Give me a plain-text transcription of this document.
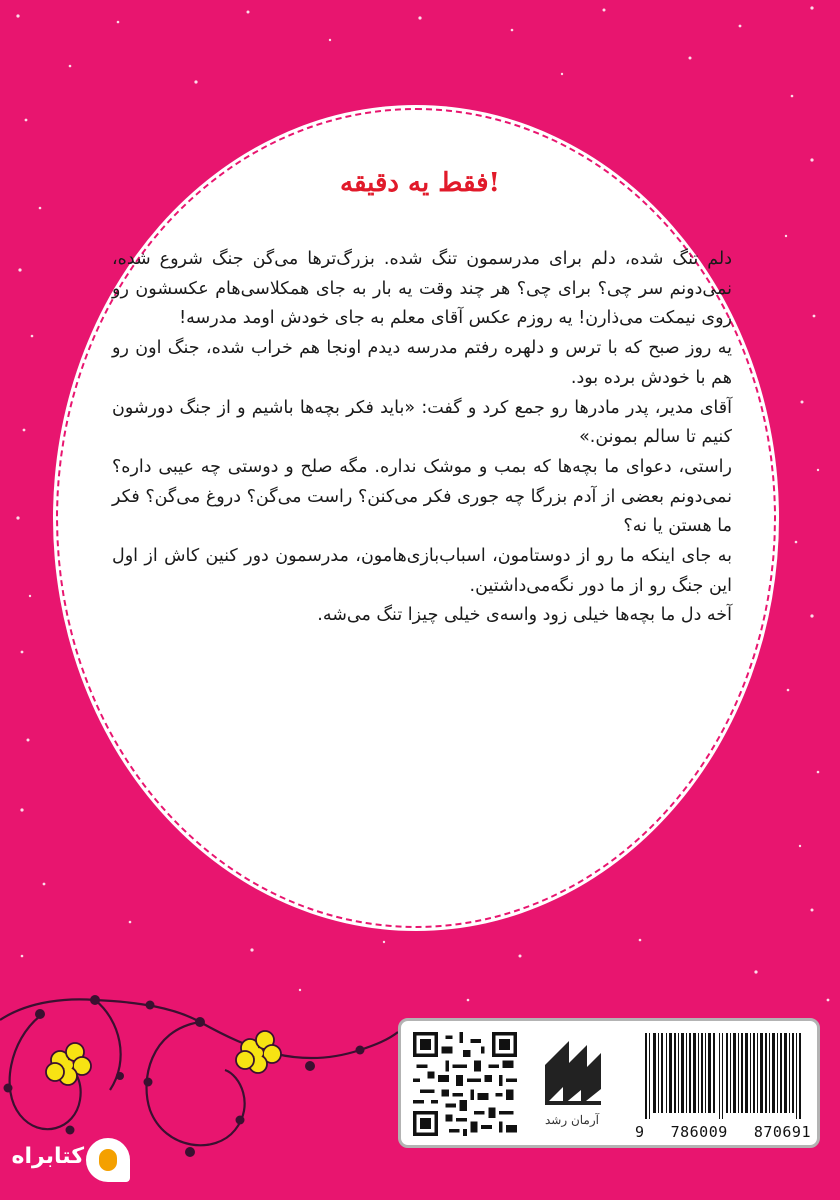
فقط یه دقیقه!

دلم تنگ شده، دلم برای مدرسمون تنگ شده. بزرگ‌ترها می‌گن جنگ شروع شده، نمی‌دونم سر چی؟ برای چی؟ هر چند وقت یه بار به جای همکلاسی‌هام عکسشون رو روی نیمکت می‌ذارن! یه روزم عکس آقای معلم به جای خودش اومد مدرسه!

یه روز صبح که با ترس و دلهره رفتم مدرسه دیدم اونجا هم خراب شده، جنگ اون رو هم با خودش برده بود.

آقای مدیر، پدر مادرها رو جمع کرد و گفت: «باید فکر بچه‌ها باشیم و از جنگ دورشون کنیم تا سالم بمونن.»

راستی، دعوای ما بچه‌ها که بمب و موشک نداره. مگه صلح و دوستی چه عیبی داره؟ نمی‌دونم بعضی از آدم بزرگا چه جوری فکر می‌کنن؟ راست می‌گن؟ دروغ می‌گن؟ فکر ما هستن یا نه؟

به جای اینکه ما رو از دوستامون، اسباب‌بازی‌هامون، مدرسمون دور کنین کاش از اول این جنگ رو از ما دور نگه‌می‌داشتین.

آخه دل ما بچه‌ها خیلی زود واسه‌ی خیلی چیزا تنگ می‌شه.

آرمان رشد
9 786009 870691
کتابراه
